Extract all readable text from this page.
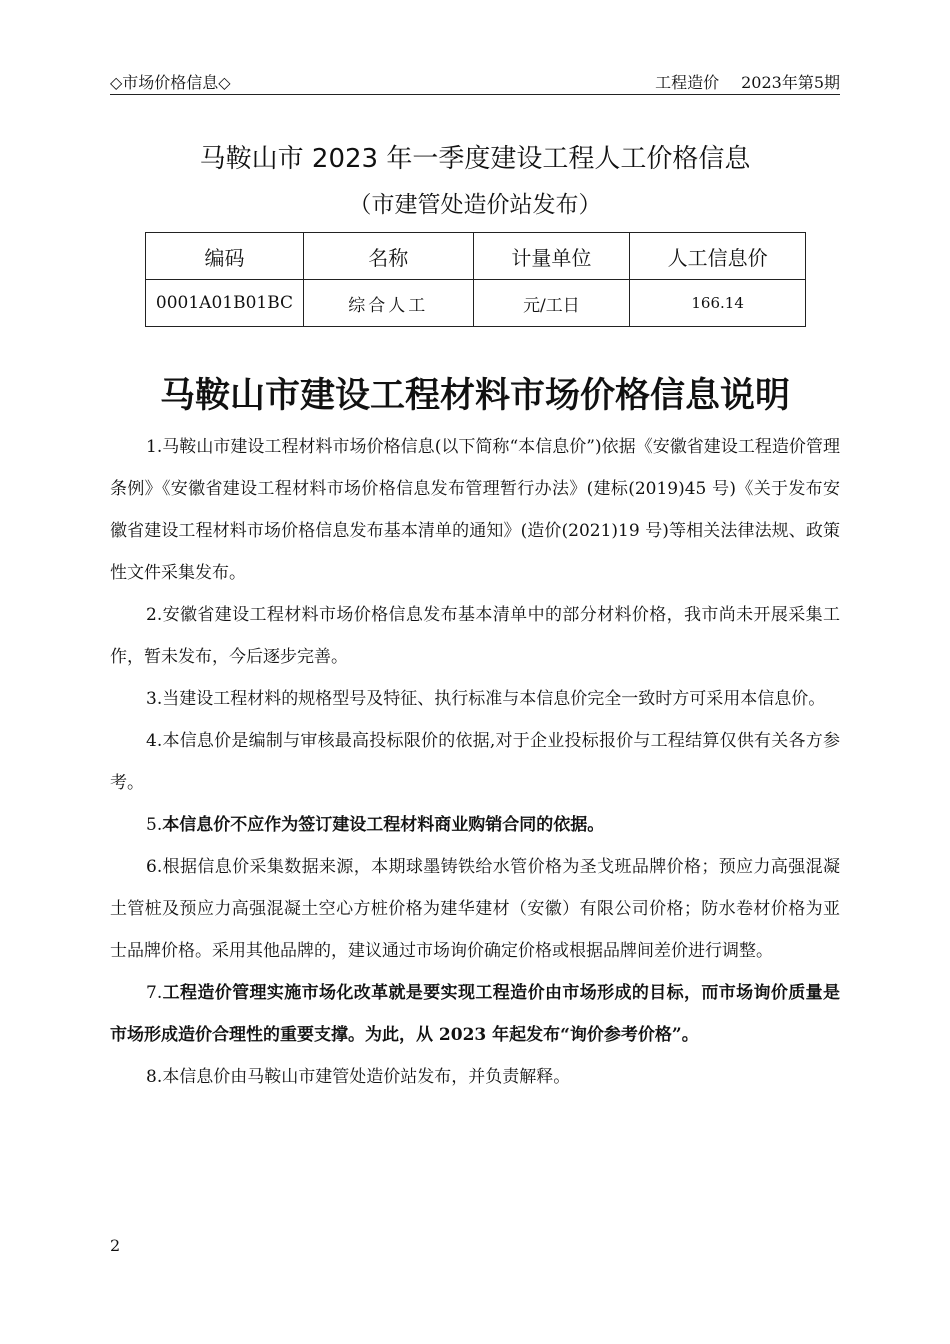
◇市场价格信息◇	工程造价 2023年第5期
马鞍山市 2023 年一季度建设工程人工价格信息
（市建管处造价站发布）
编码	名称	计量单位	人工信息价
0001A01B01BC	综合人工	元/工日	166.14
马鞍山市建设工程材料市场价格信息说明

1.马鞍山市建设工程材料市场价格信息(以下简称“本信息价”)依据《安徽省建设工程造价管理条例》《安徽省建设工程材料市场价格信息发布管理暂行办法》(建标(2019)45 号)《关于发布安徽省建设工程材料市场价格信息发布基本清单的通知》(造价(2021)19 号)等相关法律法规、政策性文件采集发布。

2.安徽省建设工程材料市场价格信息发布基本清单中的部分材料价格，我市尚未开展采集工作，暂未发布，今后逐步完善。

3.当建设工程材料的规格型号及特征、执行标准与本信息价完全一致时方可采用本信息价。

4.本信息价是编制与审核最高投标限价的依据,对于企业投标报价与工程结算仅供有关各方参考。

5.本信息价不应作为签订建设工程材料商业购销合同的依据。

6.根据信息价采集数据来源，本期球墨铸铁给水管价格为圣戈班品牌价格；预应力高强混凝土管桩及预应力高强混凝土空心方桩价格为建华建材（安徽）有限公司价格；防水卷材价格为亚士品牌价格。采用其他品牌的，建议通过市场询价确定价格或根据品牌间差价进行调整。

7.工程造价管理实施市场化改革就是要实现工程造价由市场形成的目标，而市场询价质量是市场形成造价合理性的重要支撑。为此，从 2023 年起发布“询价参考价格”。

8.本信息价由马鞍山市建管处造价站发布，并负责解释。

2
